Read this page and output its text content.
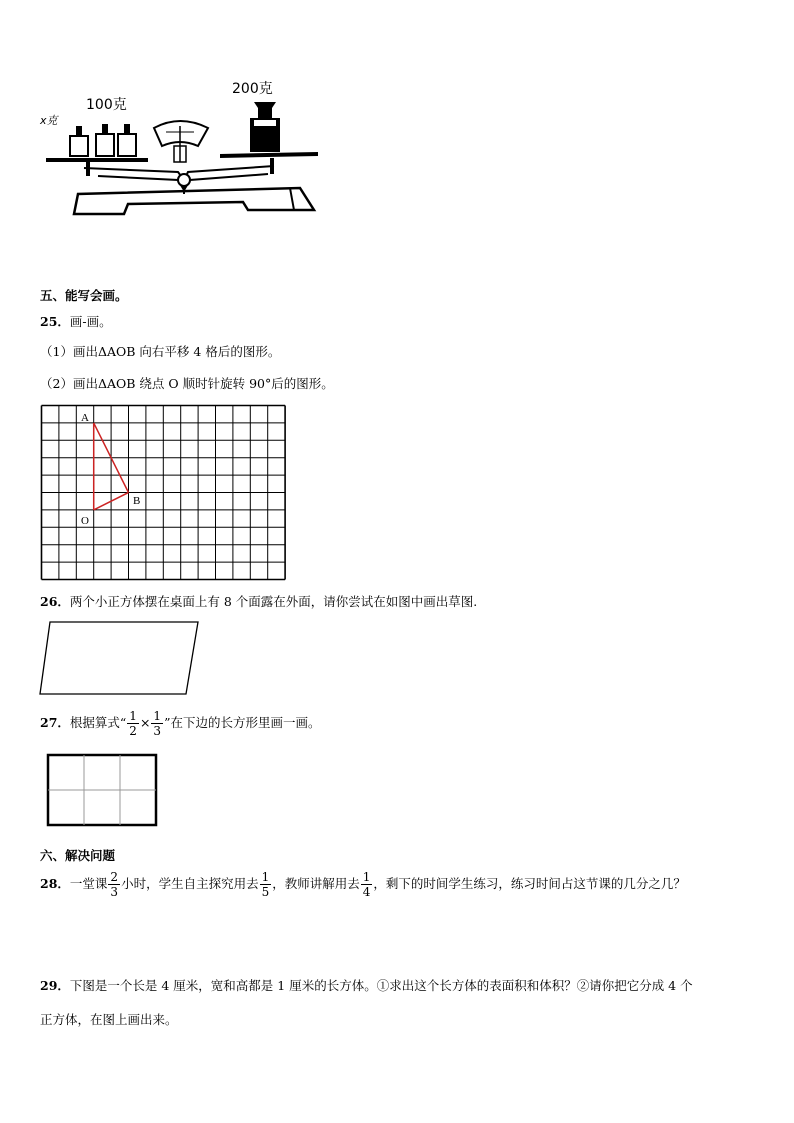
x克
100克
200克
五、能写会画。
25．画-画。
（1）画出ΔAOB 向右平移 4 格后的图形。
（2）画出ΔAOB 绕点 O 顺时针旋转 90°后的图形。
A
B
O
26．两个小正方体摆在桌面上有 8 个面露在外面，请你尝试在如图中画出草图.
27．根据算式“ $\frac{1}{2} \times \frac{1}{3}$ ”在下边的长方形里画一画。
六、解决问题
28．一堂课 $\frac{2}{3}$ 小时，学生自主探究用去 $\frac{1}{5}$ ，教师讲解用去 $\frac{1}{4}$ ，剩下的时间学生练习，练习时间占这节课的几分之几？
29．下图是一个长是 4 厘米，宽和高都是 1 厘米的长方体。①求出这个长方体的表面积和体积？②请你把它分成 4 个
正方体，在图上画出来。
